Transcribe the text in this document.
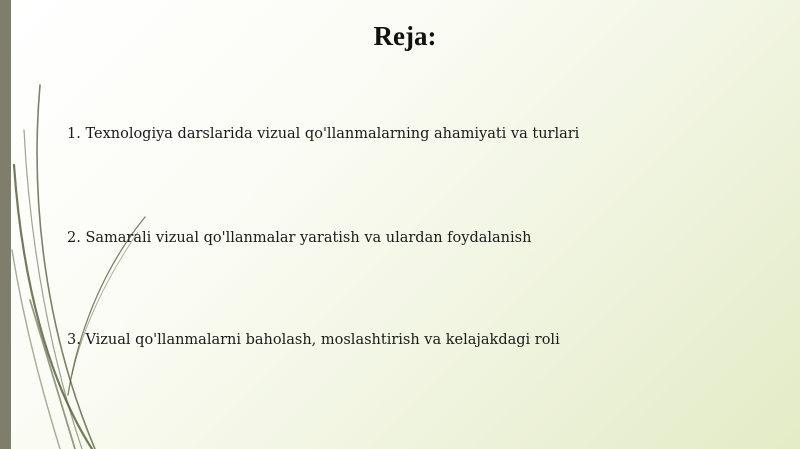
Reja:
1. Texnologiya darslarida vizual qo'llanmalarning ahamiyati va turlari
2. Samarali vizual qo'llanmalar yaratish va ulardan foydalanish
3. Vizual qo'llanmalarni baholash, moslashtirish va kelajakdagi roli
